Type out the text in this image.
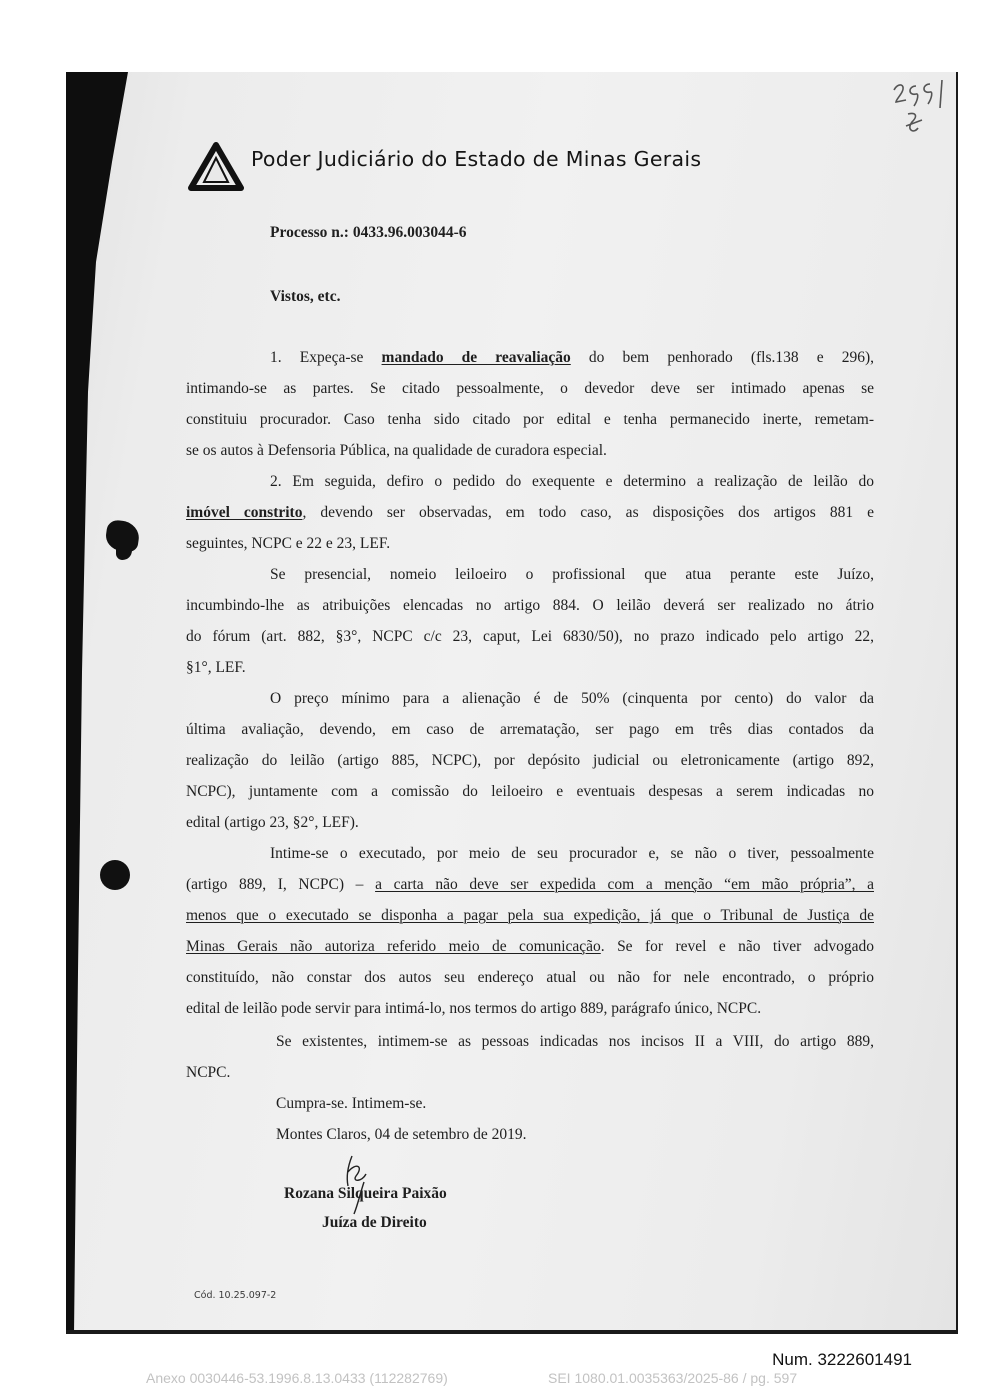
Poder Judiciário do Estado de Minas Gerais
Processo n.: 0433.96.003044-6
Vistos, etc.
1. Expeça-se mandado de reavaliação do bem penhorado (fls.138 e 296),
intimando-se as partes. Se citado pessoalmente, o devedor deve ser intimado apenas se
constituiu procurador. Caso tenha sido citado por edital e tenha permanecido inerte, remetam-
se os autos à Defensoria Pública, na qualidade de curadora especial.
2. Em seguida, defiro o pedido do exequente e determino a realização de leilão do
imóvel constrito, devendo ser observadas, em todo caso, as disposições dos artigos 881 e
seguintes, NCPC e 22 e 23, LEF.
Se presencial, nomeio leiloeiro o profissional que atua perante este Juízo,
incumbindo-lhe as atribuições elencadas no artigo 884. O leilão deverá ser realizado no átrio
do fórum (art. 882, §3°, NCPC c/c 23, caput, Lei 6830/50), no prazo indicado pelo artigo 22,
§1°, LEF.
O preço mínimo para a alienação é de 50% (cinquenta por cento) do valor da
última avaliação, devendo, em caso de arrematação, ser pago em três dias contados da
realização do leilão (artigo 885, NCPC), por depósito judicial ou eletronicamente (artigo 892,
NCPC), juntamente com a comissão do leiloeiro e eventuais despesas a serem indicadas no
edital (artigo 23, §2°, LEF).
Intime-se o executado, por meio de seu procurador e, se não o tiver, pessoalmente
(artigo 889, I, NCPC) – a carta não deve ser expedida com a menção “em mão própria”, a
menos que o executado se disponha a pagar pela sua expedição, já que o Tribunal de Justiça de
Minas Gerais não autoriza referido meio de comunicação. Se for revel e não tiver advogado
constituído, não constar dos autos seu endereço atual ou não for nele encontrado, o próprio
edital de leilão pode servir para intimá-lo, nos termos do artigo 889, parágrafo único, NCPC.
Se existentes, intimem-se as pessoas indicadas nos incisos II a VIII, do artigo 889,
NCPC.
Cumpra-se. Intimem-se.
Montes Claros, 04 de setembro de 2019.
Rozana Silqueira Paixão
Juíza de Direito
Cód. 10.25.097-2
Num. 3222601491
Anexo 0030446-53.1996.8.13.0433 (112282769)	SEI 1080.01.0035363/2025-86 / pg. 597
